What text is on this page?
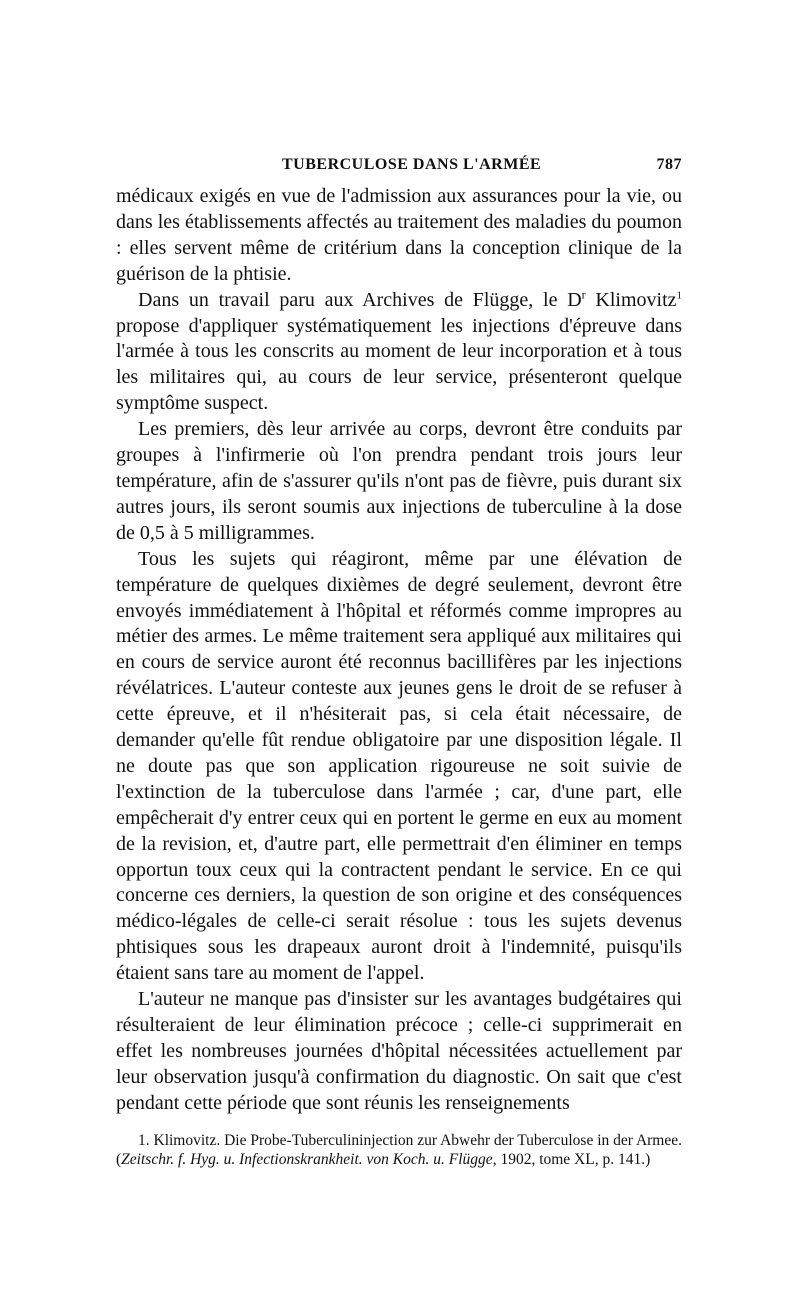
TUBERCULOSE DANS L'ARMÉE	787

médicaux exigés en vue de l'admission aux assurances pour la vie, ou dans les établissements affectés au traitement des maladies du poumon : elles servent même de critérium dans la conception clinique de la guérison de la phtisie.

Dans un travail paru aux Archives de Flügge, le $D^r$ Klimovitz$^1$ propose d'appliquer systématiquement les injections d'épreuve dans l'armée à tous les conscrits au moment de leur incorporation et à tous les militaires qui, au cours de leur service, présenteront quelque symptôme suspect.

Les premiers, dès leur arrivée au corps, devront être conduits par groupes à l'infirmerie où l'on prendra pendant trois jours leur température, afin de s'assurer qu'ils n'ont pas de fièvre, puis durant six autres jours, ils seront soumis aux injections de tuberculine à la dose de 0,5 à 5 milligrammes.

Tous les sujets qui réagiront, même par une élévation de température de quelques dixièmes de degré seulement, devront être envoyés immédiatement à l'hôpital et réformés comme impropres au métier des armes. Le même traitement sera appliqué aux militaires qui en cours de service auront été reconnus bacillifères par les injections révélatrices. L'auteur conteste aux jeunes gens le droit de se refuser à cette épreuve, et il n'hésiterait pas, si cela était nécessaire, de demander qu'elle fût rendue obligatoire par une disposition légale. Il ne doute pas que son application rigoureuse ne soit suivie de l'extinction de la tuberculose dans l'armée ; car, d'une part, elle empêcherait d'y entrer ceux qui en portent le germe en eux au moment de la revision, et, d'autre part, elle permettrait d'en éliminer en temps opportun toux ceux qui la contractent pendant le service. En ce qui concerne ces derniers, la question de son origine et des conséquences médico-légales de celle-ci serait résolue : tous les sujets devenus phtisiques sous les drapeaux auront droit à l'indemnité, puisqu'ils étaient sans tare au moment de l'appel.

L'auteur ne manque pas d'insister sur les avantages budgétaires qui résulteraient de leur élimination précoce ; celle-ci supprimerait en effet les nombreuses journées d'hôpital nécessitées actuellement par leur observation jusqu'à confirmation du diagnostic. On sait que c'est pendant cette période que sont réunis les renseignements

1. Klimovitz. Die Probe-Tuberculininjection zur Abwehr der Tuberculose in der Armee. (Zeitschr. f. Hyg. u. Infectionskrankheit. von Koch. u. Flügge, 1902, tome XL, p. 141.)
